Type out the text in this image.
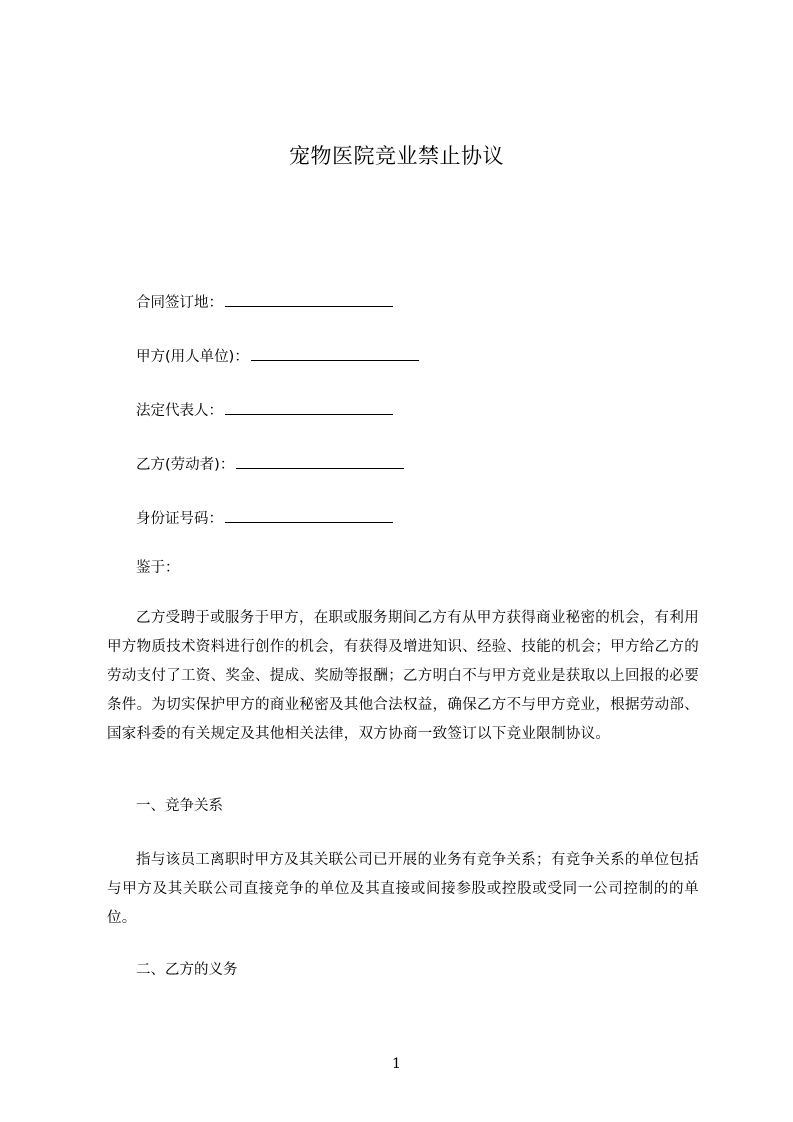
宠物医院竞业禁止协议
合同签订地：
甲方(用人单位)：
法定代表人：
乙方(劳动者)：
身份证号码：
鉴于：
乙方受聘于或服务于甲方，在职或服务期间乙方有从甲方获得商业秘密的机会，有利用甲方物质技术资料进行创作的机会，有获得及增进知识、经验、技能的机会；甲方给乙方的劳动支付了工资、奖金、提成、奖励等报酬；乙方明白不与甲方竞业是获取以上回报的必要条件。为切实保护甲方的商业秘密及其他合法权益，确保乙方不与甲方竞业，根据劳动部、国家科委的有关规定及其他相关法律，双方协商一致签订以下竞业限制协议。
一、竞争关系
指与该员工离职时甲方及其关联公司已开展的业务有竞争关系；有竞争关系的单位包括与甲方及其关联公司直接竞争的单位及其直接或间接参股或控股或受同一公司控制的的单位。
二、乙方的义务
1
